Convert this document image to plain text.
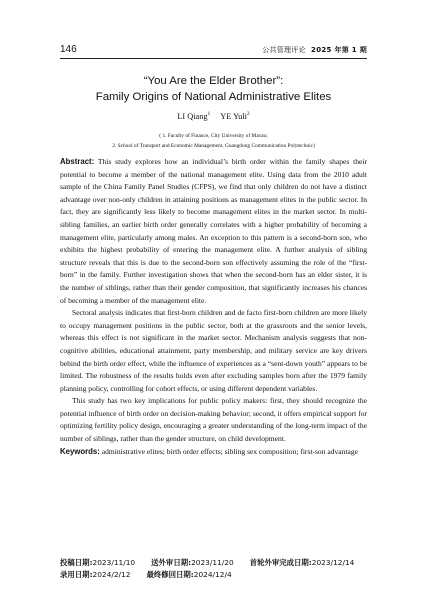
146	公共管理评论 2025 年第 1 期
“You Are the Elder Brother”:
Family Origins of National Administrative Elites
LI Qiang$^1$ YE Yuli$^2$
( 1. Faculty of Finance, City University of Macau;
2. School of Transport and Economic Management, Guangdong Communication Polytechnic)

Abstract: This study explores how an individual’s birth order within the family shapes their potential to become a member of the national management elite. Using data from the 2010 adult sample of the China Family Panel Studies (CFPS), we find that only children do not have a distinct advantage over non-only children in attaining positions as management elites in the public sector. In fact, they are significantly less likely to become management elites in the market sector. In multi-sibling families, an earlier birth order generally correlates with a higher probability of becoming a management elite, particularly among males. An exception to this pattern is a second-born son, who exhibits the highest probability of entering the management elite. A further analysis of sibling structure reveals that this is due to the second-born son effectively assuming the role of the “first-born” in the family. Further investigation shows that when the second-born has an elder sister, it is the number of siblings, rather than their gender composition, that significantly increases his chances of becoming a member of the management elite.

Sectoral analysis indicates that first-born children and de facto first-born children are more likely to occupy management positions in the public sector, both at the grassroots and the senior levels, whereas this effect is not significant in the market sector. Mechanism analysis suggests that non-cognitive abilities, educational attainment, party membership, and military service are key drivers behind the birth order effect, while the influence of experiences as a “sent-down youth” appears to be limited. The robustness of the results holds even after excluding samples born after the 1979 family planning policy, controlling for cohort effects, or using different dependent variables.

This study has two key implications for public policy makers: first, they should recognize the potential influence of birth order on decision-making behavior; second, it offers empirical support for optimizing fertility policy design, encouraging a greater understanding of the long-term impact of the number of siblings, rather than the gender structure, on child development.

Keywords: administrative elites; birth order effects; sibling sex composition; first-son advantage

投稿日期:2023/11/10 送外审日期:2023/11/20 首轮外审完成日期:2023/12/14
录用日期:2024/2/12 最终修回日期:2024/12/4
